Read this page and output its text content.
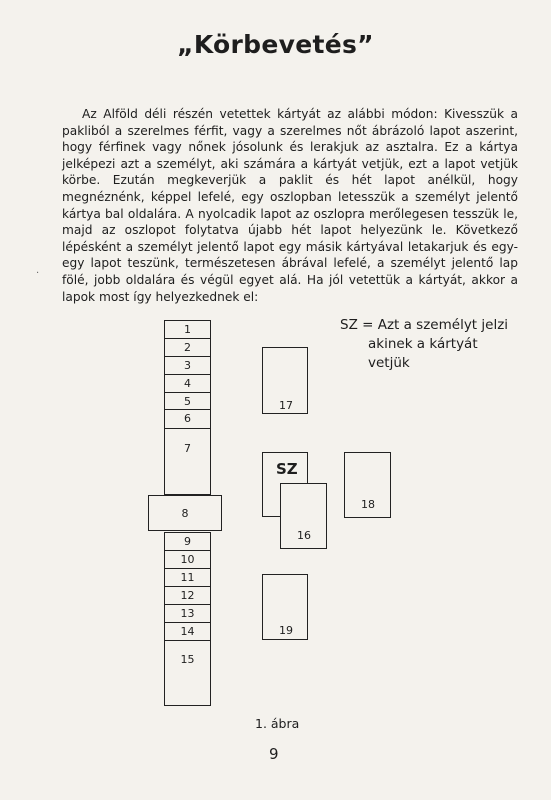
„Körbevetés”

Az Alföld déli részén vetettek kártyát az alábbi módon: Kivesszük a pakliból a szerelmes férfit, vagy a szerelmes nőt ábrázoló lapot aszerint, hogy férfinek vagy nőnek jósolunk és lerakjuk az asztalra. Ez a kártya jelképezi azt a személyt, aki számára a kártyát vetjük, ezt a lapot vetjük körbe. Ezután megkeverjük a paklit és hét lapot anélkül, hogy megnéznénk, képpel lefelé, egy oszlopban letesszük a személyt jelentő kártya bal oldalára. A nyolcadik lapot az oszlopra merőlegesen tesszük le, majd az oszlopot folytatva újabb hét lapot helyezünk le. Következő lépésként a személyt jelentő lapot egy másik kártyával letakarjuk és egy-egy lapot teszünk, természetesen ábrával lefelé, a személyt jelentő lap fölé, jobb oldalára és végül egyet alá. Ha jól vetettük a kártyát, akkor a lapok most így helyezkednek el:

·
1
2
3
4
5
6
7
8
9
10
11
12
13
14
15
17
SZ
16
18
19
SZ = Azt a személyt jelzi
akinek a kártyát
vetjük
1. ábra
9
